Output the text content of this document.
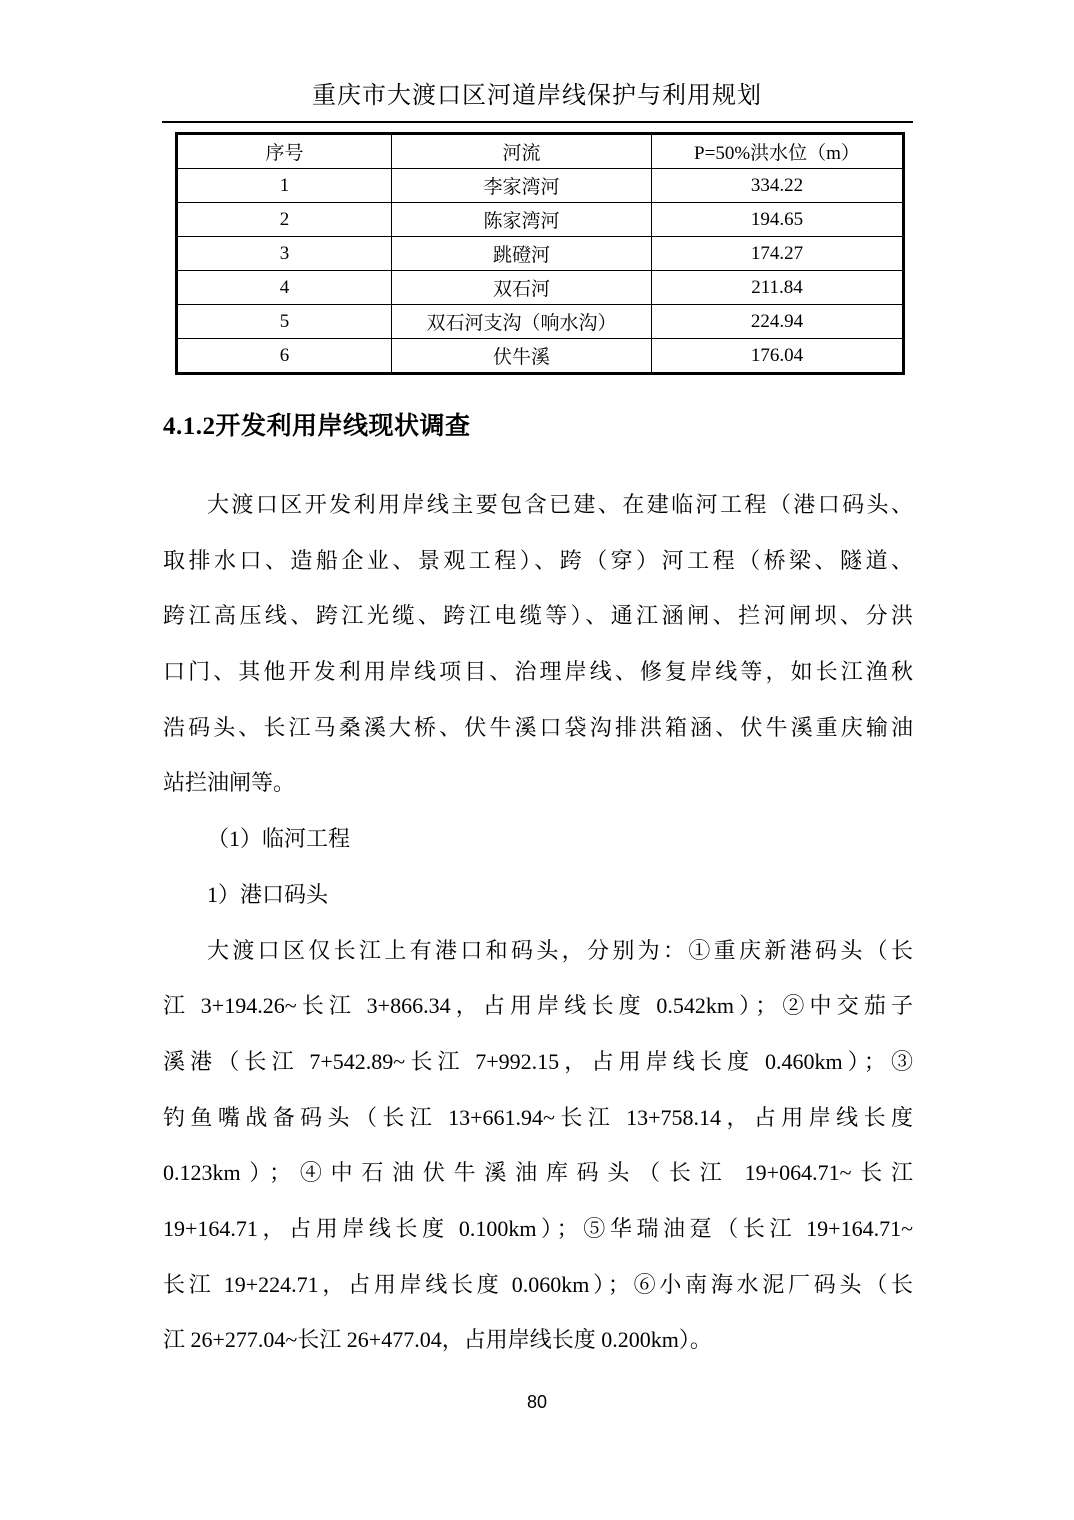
重庆市大渡口区河道岸线保护与利用规划
序号	河流	P=50%洪水位（m）
1	李家湾河	334.22
2	陈家湾河	194.65
3	跳磴河	174.27
4	双石河	211.84
5	双石河支沟（响水沟）	224.94
6	伏牛溪	176.04
4.1.2开发利用岸线现状调查
大渡口区开发利用岸线主要包含已建、在建临河工程（港口码头、
取排水口、造船企业、景观工程）、跨（穿）河工程（桥梁、隧道、
跨江高压线、跨江光缆、跨江电缆等）、通江涵闸、拦河闸坝、分洪
口门、其他开发利用岸线项目、治理岸线、修复岸线等，如长江渔秋
浩码头、长江马桑溪大桥、伏牛溪口袋沟排洪箱涵、伏牛溪重庆输油
站拦油闸等。
（1）临河工程
1）港口码头
大渡口区仅长江上有港口和码头，分别为：①重庆新港码头（长
江 3+194.26~长江 3+866.34，占用岸线长度 0.542km）；②中交茄子
溪港（长江 7+542.89~长江 7+992.15，占用岸线长度 0.460km）；③
钓鱼嘴战备码头（长江 13+661.94~长江 13+758.14，占用岸线长度
0.123km）；④中石油伏牛溪油库码头（长江 19+064.71~长江
19+164.71，占用岸线长度 0.100km）；⑤华瑞油趸（长江 19+164.71~
长江 19+224.71，占用岸线长度 0.060km）；⑥小南海水泥厂码头（长
江 26+277.04~长江 26+477.04，占用岸线长度 0.200km）。
80
